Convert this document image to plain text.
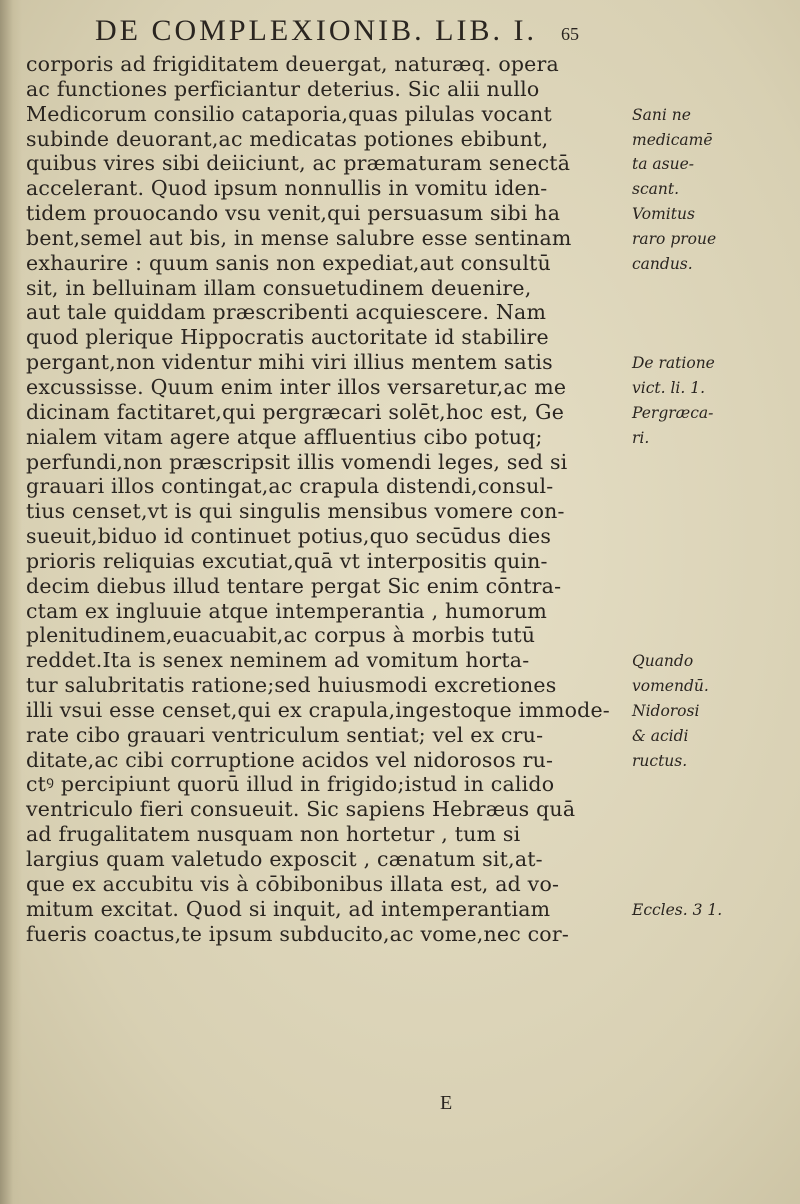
DE COMPLEXIONIB. LIB. I. 65
corporis ad frigiditatem deuergat, naturæq. opera
ac functiones perficiantur deterius. Sic alii nullo
Medicorum consilio cataporia,quas pilulas vocant
subinde deuorant,ac medicatas potiones ebibunt,
quibus vires sibi deiiciunt, ac præmaturam senectā
accelerant. Quod ipsum nonnullis in vomitu iden-
tidem prouocando vsu venit,qui persuasum sibi ha
bent,semel aut bis, in mense salubre esse sentinam
exhaurire : quum sanis non expediat,aut consultū
sit, in belluinam illam consuetudinem deuenire,
aut tale quiddam præscribenti acquiescere. Nam
quod plerique Hippocratis auctoritate id stabilire
pergant,non videntur mihi viri illius mentem satis
excussisse. Quum enim inter illos versaretur,ac me
dicinam factitaret,qui pergræcari solēt,hoc est, Ge
nialem vitam agere atque affluentius cibo potuq;
perfundi,non præscripsit illis vomendi leges, sed si
grauari illos contingat,ac crapula distendi,consul-
tius censet,vt is qui singulis mensibus vomere con-
sueuit,biduo id continuet potius,quo secūdus dies
prioris reliquias excutiat,quā vt interpositis quin-
decim diebus illud tentare pergat Sic enim cōntra-
ctam ex ingluuie atque intemperantia , humorum
plenitudinem,euacuabit,ac corpus à morbis tutū
reddet.Ita is senex neminem ad vomitum horta-
tur salubritatis ratione;sed huiusmodi excretiones
illi vsui esse censet,qui ex crapula,ingestoque immode-
rate cibo grauari ventriculum sentiat; vel ex cru-
ditate,ac cibi corruptione acidos vel nidorosos ru-
ctꝰ percipiunt quorū illud in frigido;istud in calido
ventriculo fieri consueuit. Sic sapiens Hebræus quā
ad frugalitatem nusquam non hortetur , tum si
largius quam valetudo exposcit , cænatum sit,at-
que ex accubitu vis à cōbibonibus illata est, ad vo-
mitum excitat. Quod si inquit, ad intemperantiam
fueris coactus,te ipsum subducito,ac vome,nec cor-
Sani ne
medicamē
ta asue-
scant.
Vomitus
raro proue
candus.
De ratione
vict. li. 1.
Pergræca-
ri.
Quando
vomendū.
Nidorosi
& acidi
ructus.
Eccles. 3 1.
E
